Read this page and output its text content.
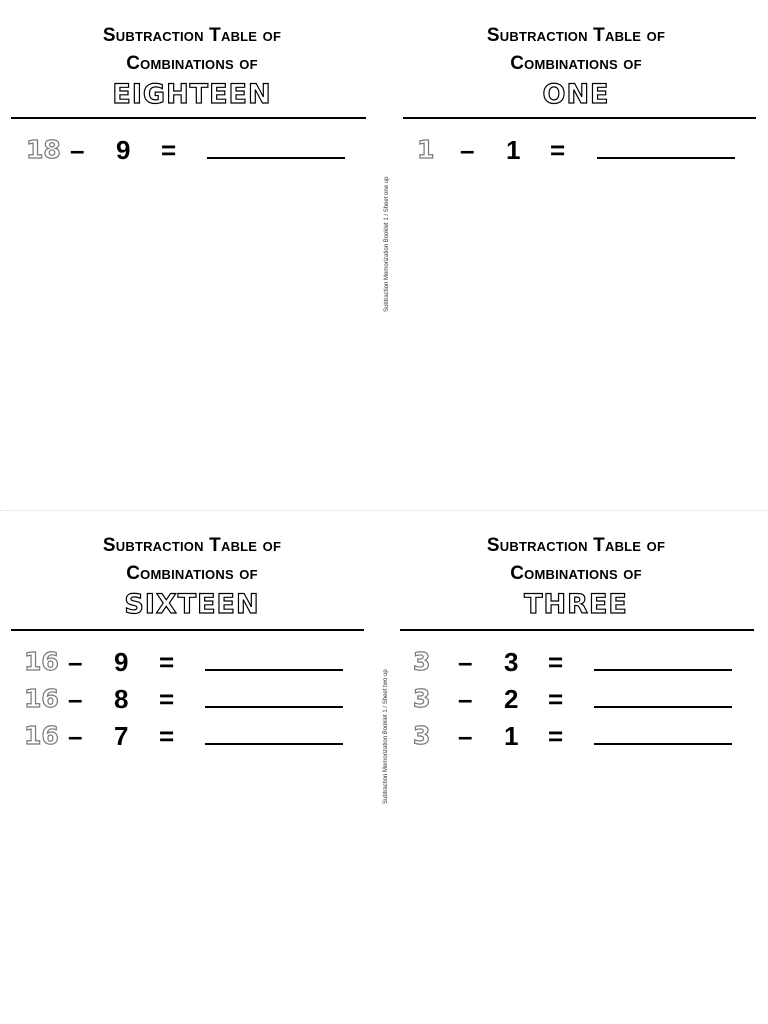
Subtraction Table of
Combinations of
EIGHTEEN
18 – 9 =
Subtraction Table of
Combinations of
ONE
1 – 1 =
Subtraction Table of
Combinations of
SIXTEEN
16 – 9 =
16 – 8 =
16 – 7 =
Subtraction Table of
Combinations of
THREE
3 – 3 =
3 – 2 =
3 – 1 =
Subtraction Memorization Booklet 1 / Sheet one up
Subtraction Memorization Booklet 1 / Sheet two up
